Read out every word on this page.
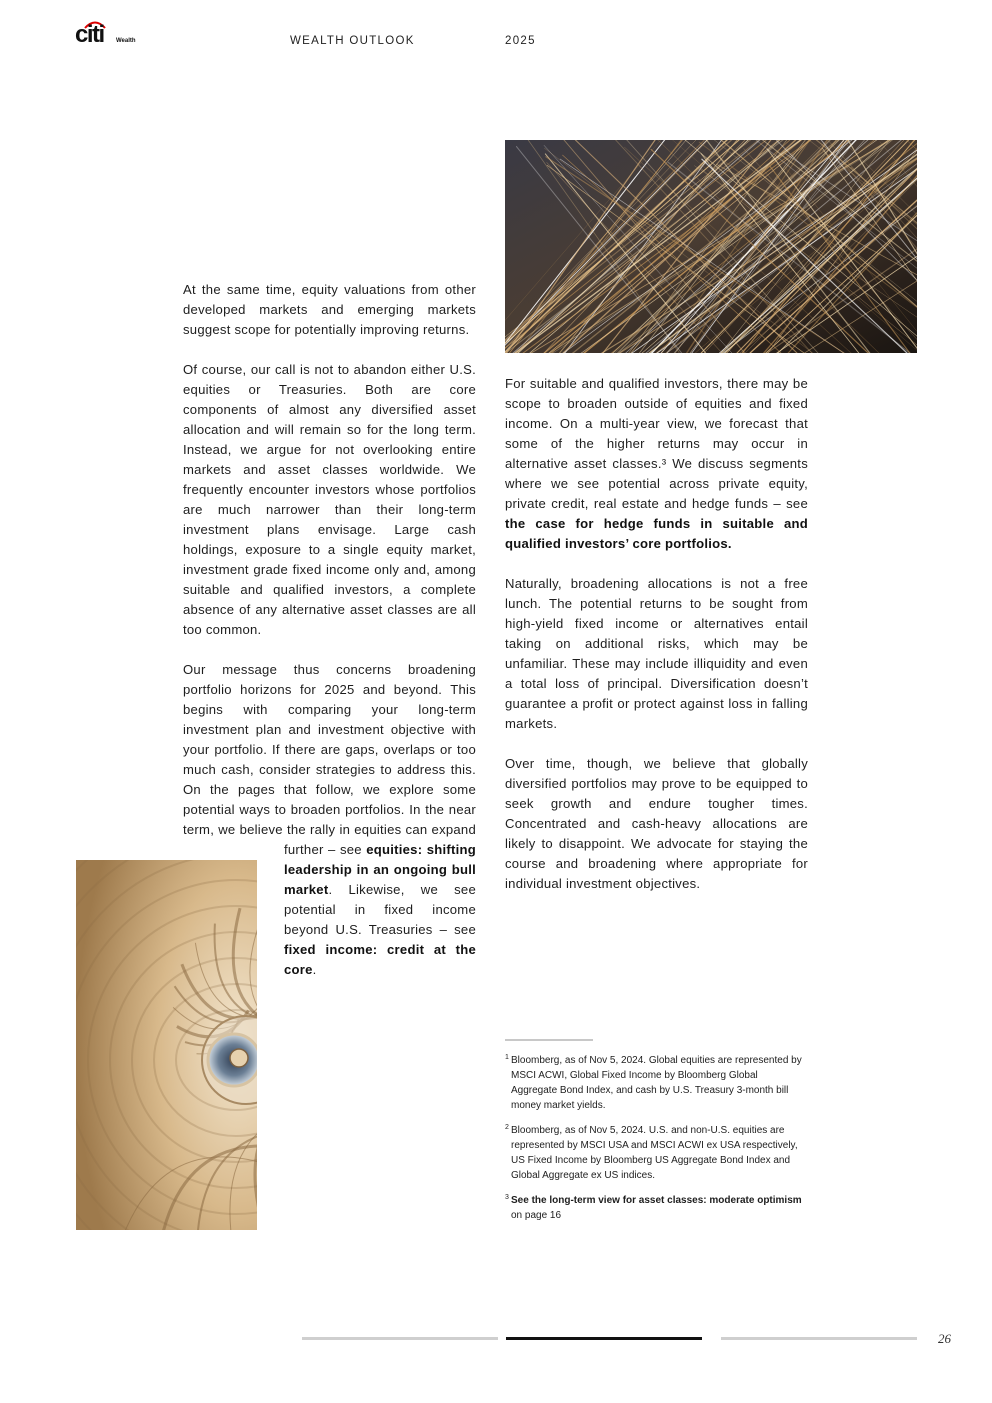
citi Wealth	WEALTH OUTLOOK	2025

At the same time, equity valuations from other developed markets and emerging markets suggest scope for potentially improving returns.

Of course, our call is not to abandon either U.S. equities or Treasuries. Both are core components of almost any diversified asset allocation and will remain so for the long term. Instead, we argue for not overlooking entire markets and asset classes worldwide. We frequently encounter investors whose portfolios are much narrower than their long-term investment plans envisage. Large cash holdings, exposure to a single equity market, investment grade fixed income only and, among suitable and qualified investors, a complete absence of any alternative asset classes are all too common.

Our message thus concerns broadening portfolio horizons for 2025 and beyond. This begins with comparing your long-term investment plan and investment objective with your portfolio. If there are gaps, overlaps or too much cash, consider strategies to address this. On the pages that follow, we explore some potential ways to broaden portfolios. In the near term, we believe the rally in equities can expand further – see equities: shifting leadership in an ongoing bull market. Likewise, we see potential in fixed income beyond U.S. Treasuries – see fixed income: credit at the core.

For suitable and qualified investors, there may be scope to broaden outside of equities and fixed income. On a multi-year view, we forecast that some of the higher returns may occur in alternative asset classes.³ We discuss segments where we see potential across private equity, private credit, real estate and hedge funds – see the case for hedge funds in suitable and qualified investors’ core portfolios.

Naturally, broadening allocations is not a free lunch. The potential returns to be sought from high-yield fixed income or alternatives entail taking on additional risks, which may be unfamiliar. These may include illiquidity and even a total loss of principal. Diversification doesn’t guarantee a profit or protect against loss in falling markets.

Over time, though, we believe that globally diversified portfolios may prove to be equipped to seek growth and endure tougher times. Concentrated and cash-heavy allocations are likely to disappoint. We advocate for staying the course and broadening where appropriate for individual investment objectives.

1 Bloomberg, as of Nov 5, 2024. Global equities are represented by MSCI ACWI, Global Fixed Income by Bloomberg Global Aggregate Bond Index, and cash by U.S. Treasury 3-month bill money market yields.
2 Bloomberg, as of Nov 5, 2024. U.S. and non-U.S. equities are represented by MSCI USA and MSCI ACWI ex USA respectively, US Fixed Income by Bloomberg US Aggregate Bond Index and Global Aggregate ex US indices.
3 See the long-term view for asset classes: moderate optimism on page 16
26
